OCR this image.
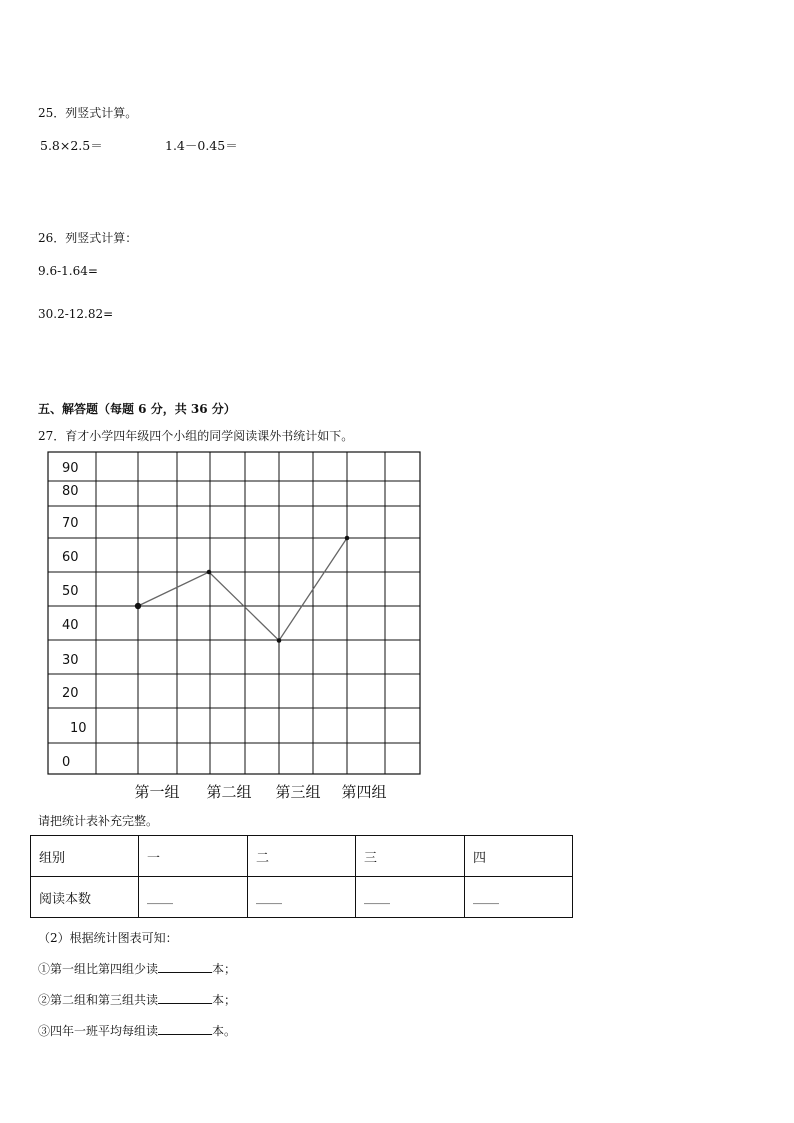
25．列竖式计算。
5.8×2.5＝	1.4－0.45＝
26．列竖式计算：
9.6-1.64=
30.2-12.82=
五、解答题（每题 6 分，共 36 分）
27．育才小学四年级四个小组的同学阅读课外书统计如下。
0
10
20
30
40
50
60
70
80
90
第一组 第二组 第三组 第四组
请把统计表补充完整。
组别	一	二	三	四
阅读本数	____	____	____	____
（2）根据统计图表可知：
①第一组比第四组少读	本；
②第二组和第三组共读	本；
③四年一班平均每组读	本。
